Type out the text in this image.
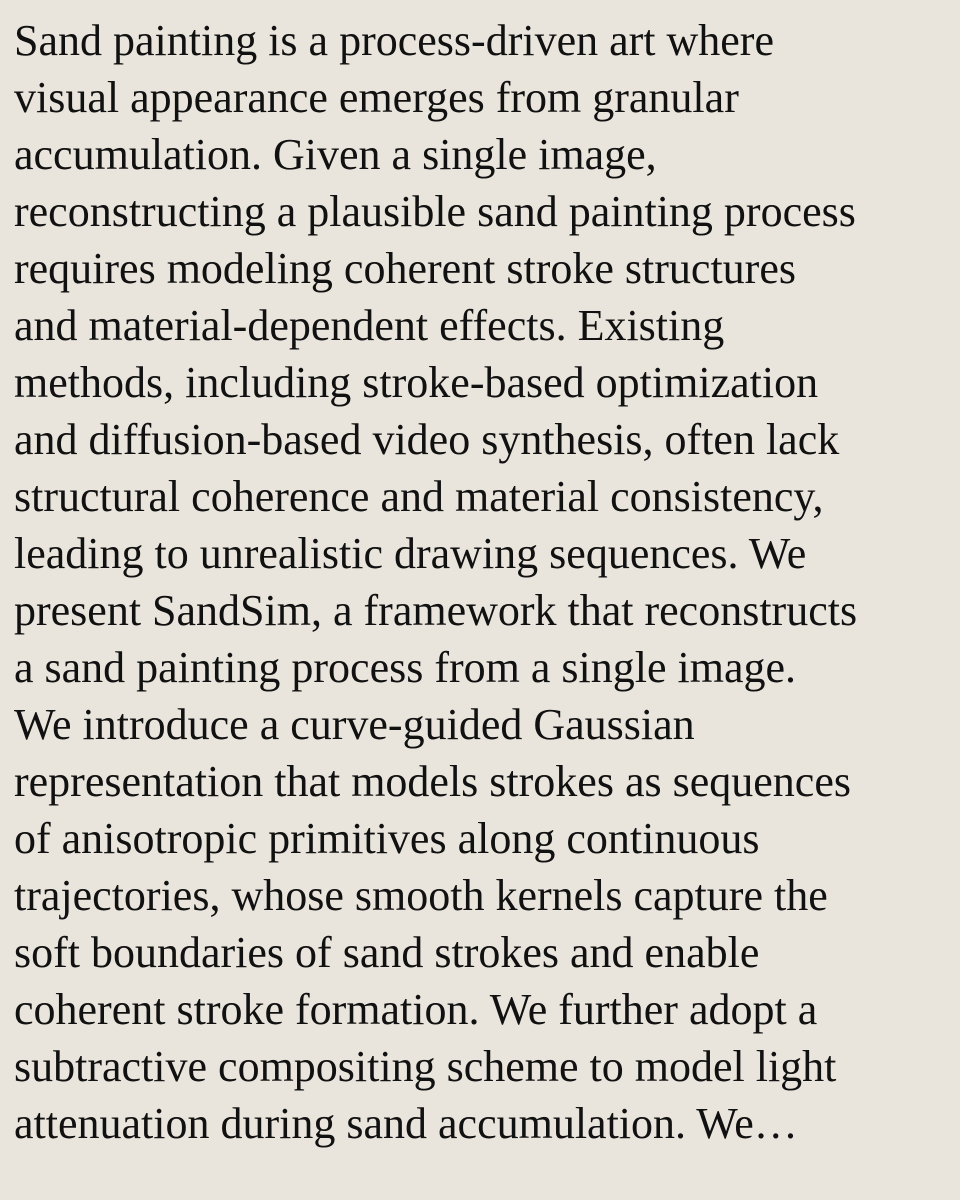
Sand painting is a process-driven art where
visual appearance emerges from granular
accumulation. Given a single image,
reconstructing a plausible sand painting process
requires modeling coherent stroke structures
and material-dependent effects. Existing
methods, including stroke-based optimization
and diffusion-based video synthesis, often lack
structural coherence and material consistency,
leading to unrealistic drawing sequences. We
present SandSim, a framework that reconstructs
a sand painting process from a single image.
We introduce a curve-guided Gaussian
representation that models strokes as sequences
of anisotropic primitives along continuous
trajectories, whose smooth kernels capture the
soft boundaries of sand strokes and enable
coherent stroke formation. We further adopt a
subtractive compositing scheme to model light
attenuation during sand accumulation. We…
